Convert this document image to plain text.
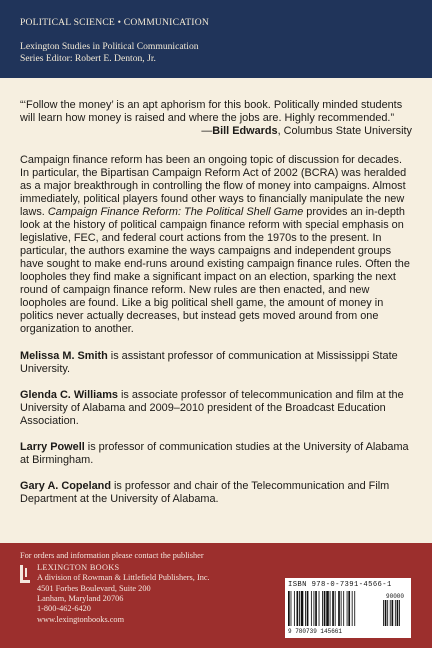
POLITICAL SCIENCE • COMMUNICATION
Lexington Studies in Political Communication
Series Editor: Robert E. Denton, Jr.

“‘Follow the money’ is an apt aphorism for this book. Politically minded students will learn how money is raised and where the jobs are. Highly recommended.”

—Bill Edwards, Columbus State University

Campaign finance reform has been an ongoing topic of discussion for decades. In particular, the Bipartisan Campaign Reform Act of 2002 (BCRA) was heralded as a major breakthrough in controlling the flow of money into campaigns. Almost immediately, political players found other ways to financially manipulate the new laws. Campaign Finance Reform: The Political Shell Game provides an in-depth look at the history of political campaign finance reform with special emphasis on legislative, FEC, and federal court actions from the 1970s to the present. In particular, the authors examine the ways campaigns and independent groups have sought to make end-runs around existing campaign finance rules. Often the loopholes they find make a significant impact on an election, sparking the next round of campaign finance reform. New rules are then enacted, and new loopholes are found. Like a big political shell game, the amount of money in politics never actually decreases, but instead gets moved around from one organization to another.

Melissa M. Smith is assistant professor of communication at Mississippi State University.

Glenda C. Williams is associate professor of telecommunication and film at the University of Alabama and 2009–2010 president of the Broadcast Education Association.

Larry Powell is professor of communication studies at the University of Alabama at Birmingham.

Gary A. Copeland is professor and chair of the Telecommunication and Film Department at the University of Alabama.

For orders and information please contact the publisher
LEXINGTON BOOKS
A division of Rowman & Littlefield Publishers, Inc.
4501 Forbes Boulevard, Suite 200
Lanham, Maryland 20706
1-800-462-6420
www.lexingtonbooks.com
ISBN 978-0-7391-4566-1
90000
9 780739 145661
